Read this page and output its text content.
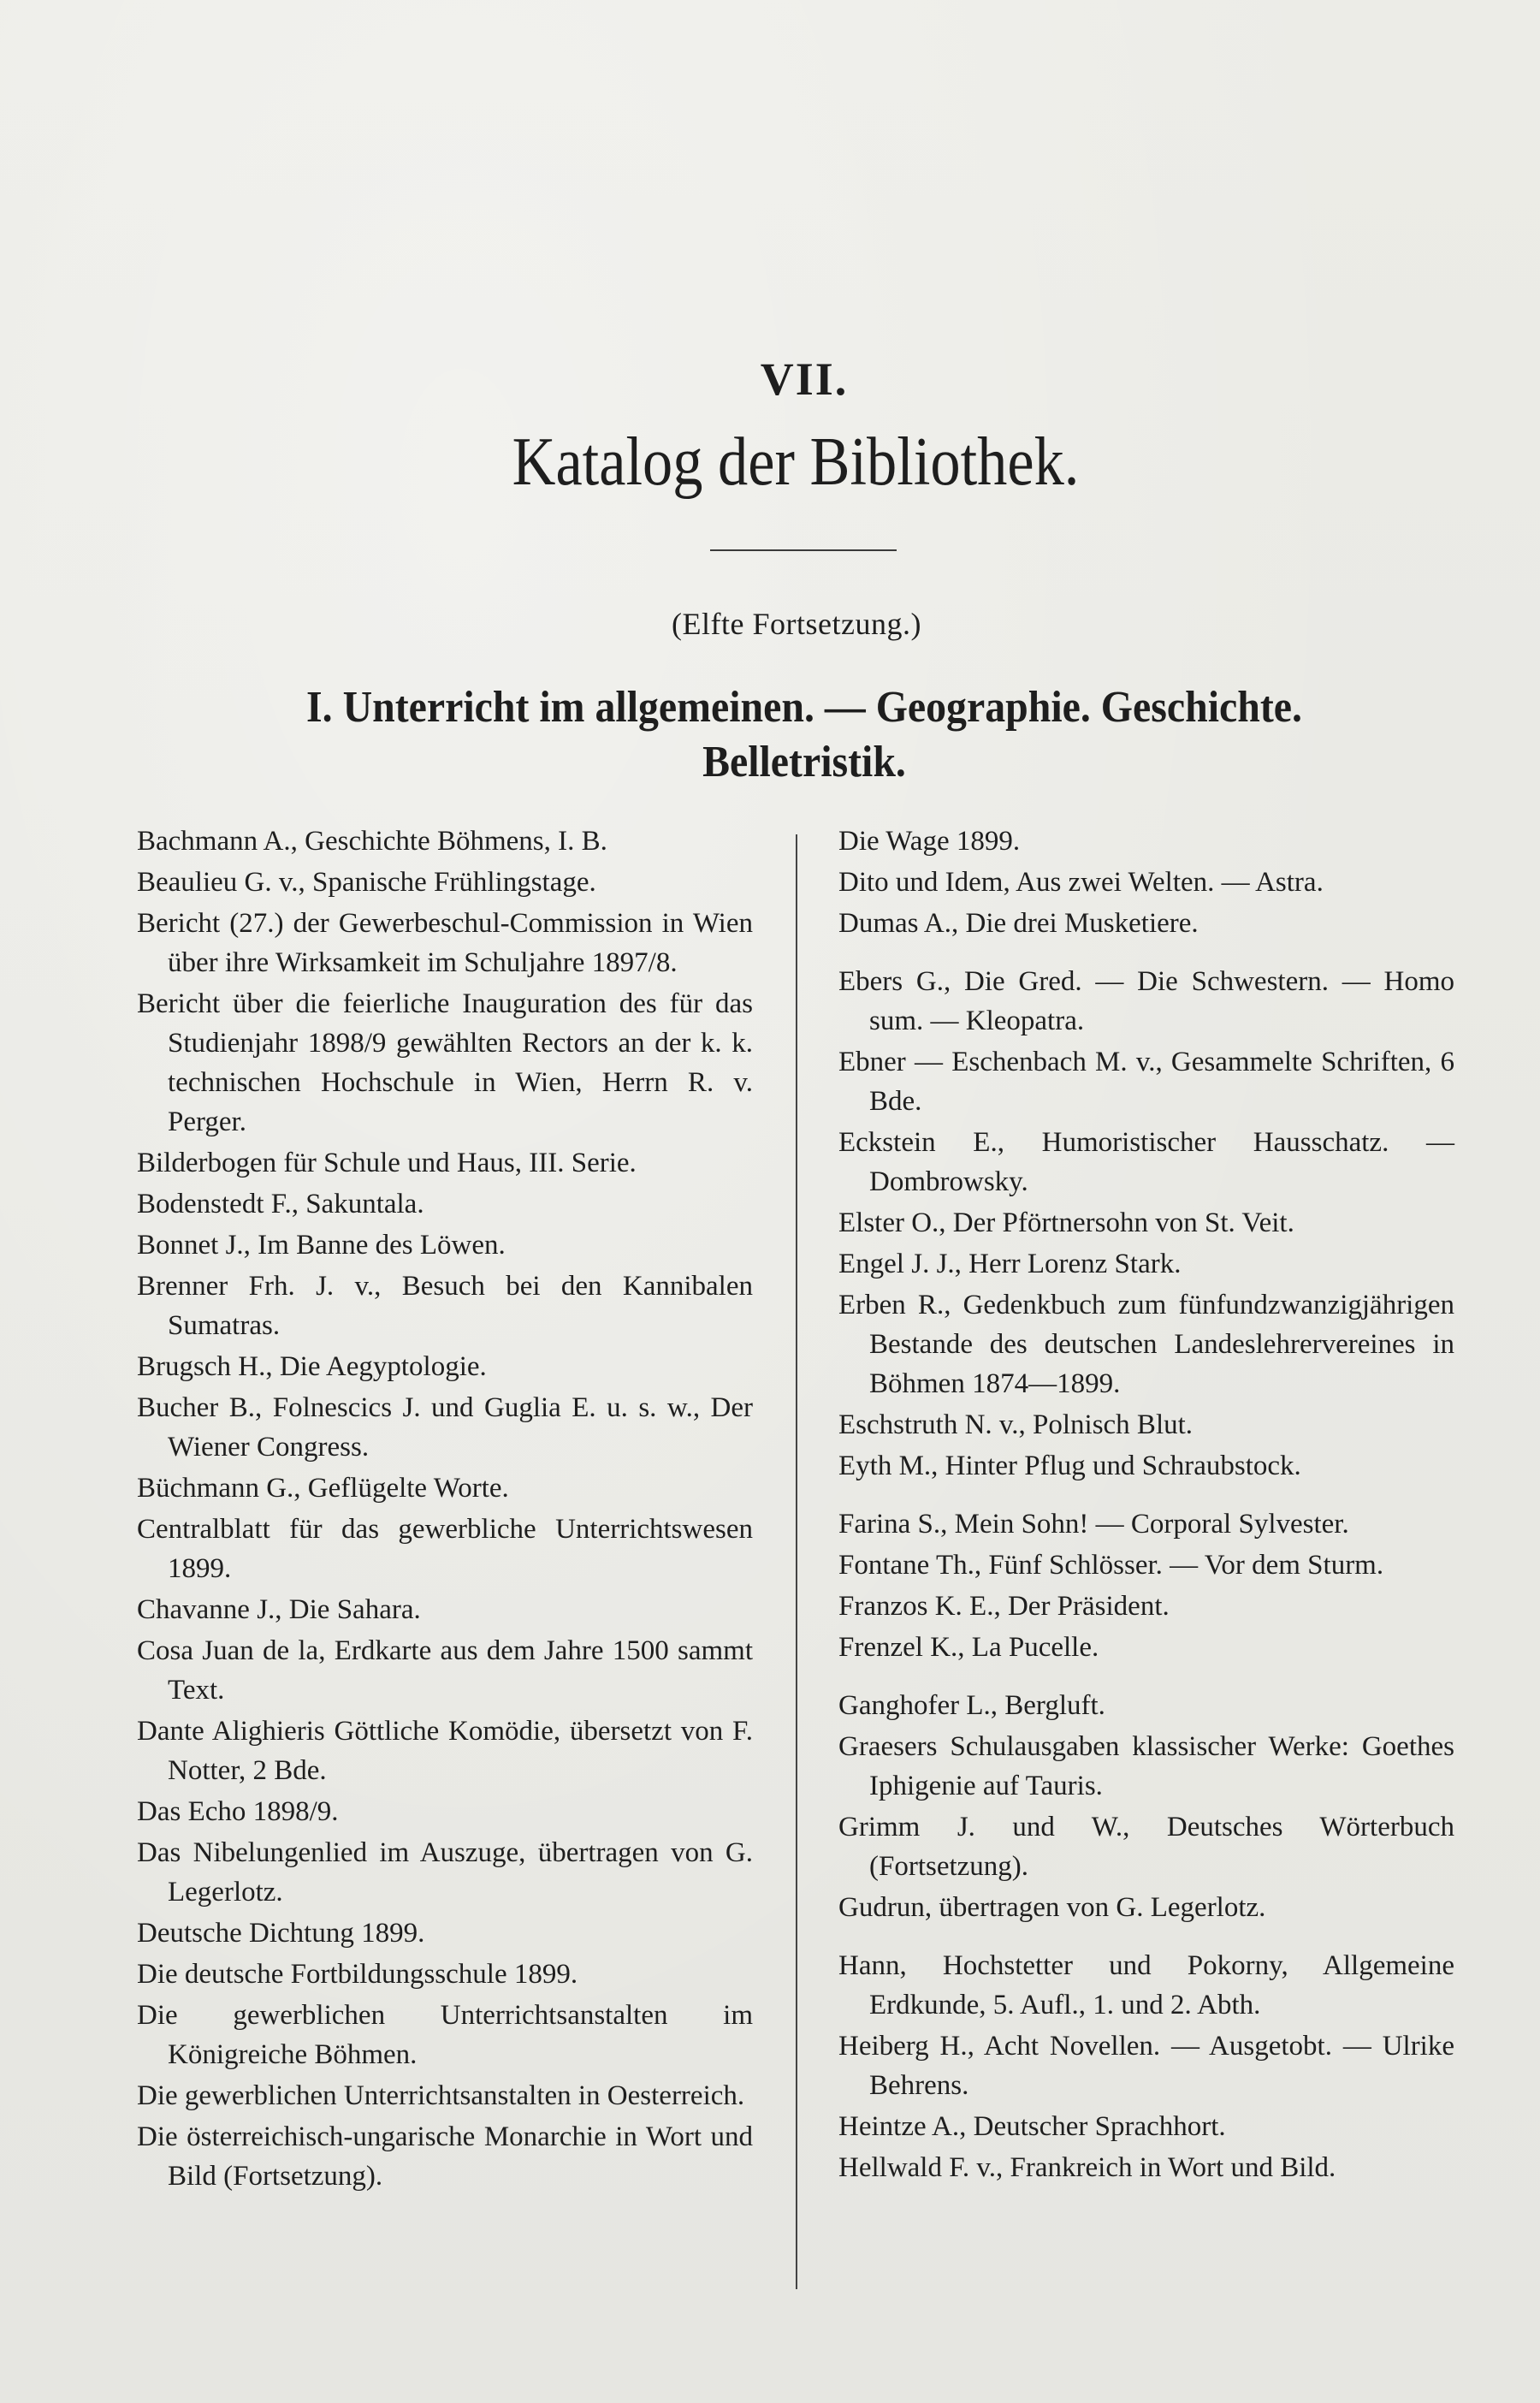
VII.
Katalog der Bibliothek.
(Elfte Fortsetzung.)
I. Unterricht im allgemeinen. — Geographie. Geschichte.
Belletristik.
Bachmann A., Geschichte Böhmens, I. B.
Beaulieu G. v., Spanische Frühlingstage.
Bericht (27.) der Gewerbeschul-Commission in Wien über ihre Wirksamkeit im Schuljahre 1897/8.
Bericht über die feierliche Inauguration des für das Studienjahr 1898/9 gewählten Rectors an der k. k. technischen Hochschule in Wien, Herrn R. v. Perger.
Bilderbogen für Schule und Haus, III. Serie.
Bodenstedt F., Sakuntala.
Bonnet J., Im Banne des Löwen.
Brenner Frh. J. v., Besuch bei den Kannibalen Sumatras.
Brugsch H., Die Aegyptologie.
Bucher B., Folnescics J. und Guglia E. u. s. w., Der Wiener Congress.
Büchmann G., Geflügelte Worte.
Centralblatt für das gewerbliche Unterrichtswesen 1899.
Chavanne J., Die Sahara.
Cosa Juan de la, Erdkarte aus dem Jahre 1500 sammt Text.
Dante Alighieris Göttliche Komödie, übersetzt von F. Notter, 2 Bde.
Das Echo 1898/9.
Das Nibelungenlied im Auszuge, übertragen von G. Legerlotz.
Deutsche Dichtung 1899.
Die deutsche Fortbildungsschule 1899.
Die gewerblichen Unterrichtsanstalten im Königreiche Böhmen.
Die gewerblichen Unterrichtsanstalten in Oesterreich.
Die österreichisch-ungarische Monarchie in Wort und Bild (Fortsetzung).
Die Wage 1899.
Dito und Idem, Aus zwei Welten. — Astra.
Dumas A., Die drei Musketiere.
Ebers G., Die Gred. — Die Schwestern. — Homo sum. — Kleopatra.
Ebner — Eschenbach M. v., Gesammelte Schriften, 6 Bde.
Eckstein E., Humoristischer Hausschatz. — Dombrowsky.
Elster O., Der Pförtnersohn von St. Veit.
Engel J. J., Herr Lorenz Stark.
Erben R., Gedenkbuch zum fünfundzwanzigjährigen Bestande des deutschen Landeslehrervereines in Böhmen 1874—1899.
Eschstruth N. v., Polnisch Blut.
Eyth M., Hinter Pflug und Schraubstock.
Farina S., Mein Sohn! — Corporal Sylvester.
Fontane Th., Fünf Schlösser. — Vor dem Sturm.
Franzos K. E., Der Präsident.
Frenzel K., La Pucelle.
Ganghofer L., Bergluft.
Graesers Schulausgaben klassischer Werke: Goethes Iphigenie auf Tauris.
Grimm J. und W., Deutsches Wörterbuch (Fortsetzung).
Gudrun, übertragen von G. Legerlotz.
Hann, Hochstetter und Pokorny, Allgemeine Erdkunde, 5. Aufl., 1. und 2. Abth.
Heiberg H., Acht Novellen. — Ausgetobt. — Ulrike Behrens.
Heintze A., Deutscher Sprachhort.
Hellwald F. v., Frankreich in Wort und Bild.
